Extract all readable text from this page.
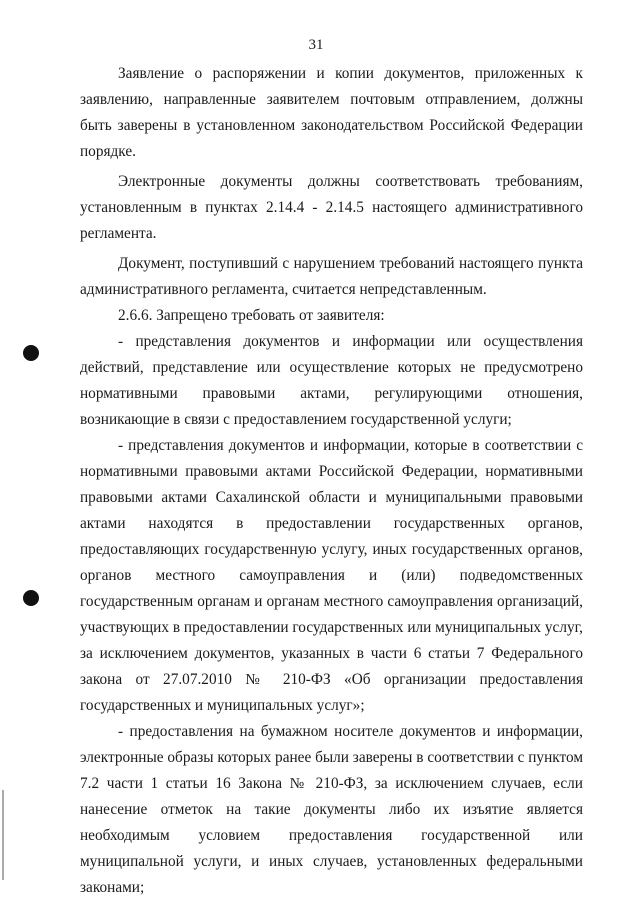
31

Заявление о распоряжении и копии документов, приложенных к заявлению, направленные заявителем почтовым отправлением, должны быть заверены в установленном законодательством Российской Федерации порядке.

Электронные документы должны соответствовать требованиям, установленным в пунктах 2.14.4 - 2.14.5 настоящего административного регламента.

Документ, поступивший с нарушением требований настоящего пункта административного регламента, считается непредставленным.

2.6.6. Запрещено требовать от заявителя:

- представления документов и информации или осуществления действий, представление или осуществление которых не предусмотрено нормативными правовыми актами, регулирующими отношения, возникающие в связи с предоставлением государственной услуги;

- представления документов и информации, которые в соответствии с нормативными правовыми актами Российской Федерации, нормативными правовыми актами Сахалинской области и муниципальными правовыми актами находятся в предоставлении государственных органов, предоставляющих государственную услугу, иных государственных органов, органов местного самоуправления и (или) подведомственных государственным органам и органам местного самоуправления организаций, участвующих в предоставлении государственных или муниципальных услуг, за исключением документов, указанных в части 6 статьи 7 Федерального закона от 27.07.2010 № 210-ФЗ «Об организации предоставления государственных и муниципальных услуг»;

- предоставления на бумажном носителе документов и информации, электронные образы которых ранее были заверены в соответствии с пунктом 7.2 части 1 статьи 16 Закона № 210-ФЗ, за исключением случаев, если нанесение отметок на такие документы либо их изъятие является необходимым условием предоставления государственной или муниципальной услуги, и иных случаев, установленных федеральными законами;
